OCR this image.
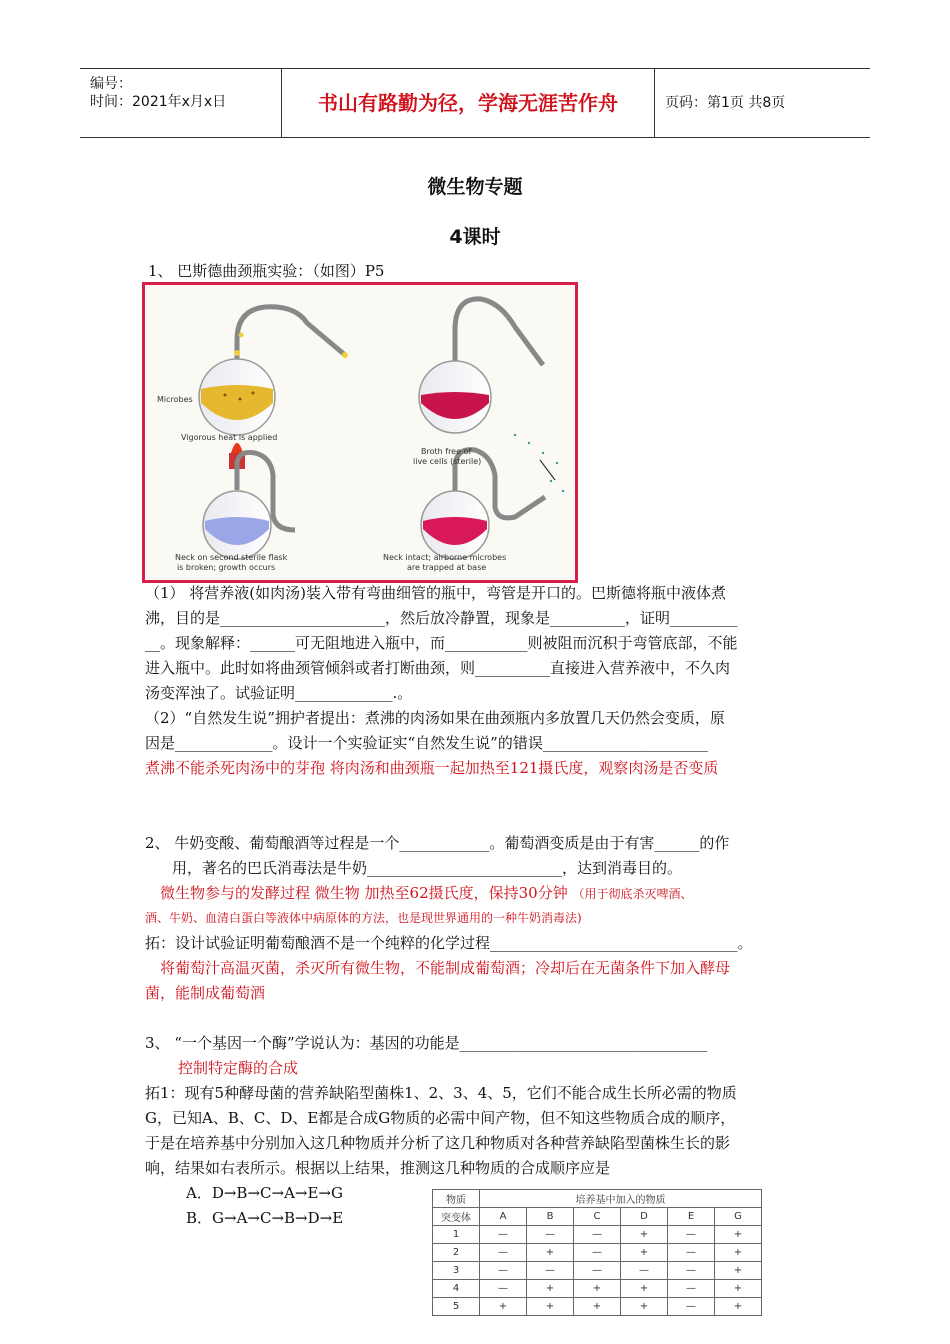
编号：
时间：2021年x月x日	书山有路勤为径，学海无涯苦作舟	页码：第1页 共8页
微生物专题
4课时
1、 巴斯德曲颈瓶实验：（如图）P5
Microbes
Vigorous heat is applied
Broth free of
live cells (sterile)
Neck on second sterile flask
is broken; growth occurs
Neck intact; airborne microbes
are trapped at base
（1） 将营养液(如肉汤)装入带有弯曲细管的瓶中，弯管是开口的。巴斯德将瓶中液体煮
沸，目的是______________________，然后放冷静置，现象是__________，证明_________
__。现象解释：______可无阻地进入瓶中，而___________则被阻而沉积于弯管底部，不能
进入瓶中。此时如将曲颈管倾斜或者打断曲颈，则__________直接进入营养液中，不久肉
汤变浑浊了。试验证明_____________.。
（2）“自然发生说”拥护者提出：煮沸的肉汤如果在曲颈瓶内多放置几天仍然会变质，原
因是_____________。设计一个实验证实“自然发生说”的错误______________________
煮沸不能杀死肉汤中的芽孢 将肉汤和曲颈瓶一起加热至121摄氏度，观察肉汤是否变质
2、 牛奶变酸、葡萄酿酒等过程是一个____________。葡萄酒变质是由于有害______的作
用，著名的巴氏消毒法是牛奶__________________________，达到消毒目的。
微生物参与的发酵过程 微生物 加热至62摄氏度，保持30分钟 （用于彻底杀灭啤酒、
酒、牛奶、血清白蛋白等液体中病原体的方法，也是现世界通用的一种牛奶消毒法)
拓：设计试验证明葡萄酿酒不是一个纯粹的化学过程_________________________________。
将葡萄汁高温灭菌，杀灭所有微生物，不能制成葡萄酒；冷却后在无菌条件下加入酵母
菌，能制成葡萄酒
3、 “一个基因一个酶”学说认为：基因的功能是_________________________________
控制特定酶的合成
拓1：现有5种酵母菌的营养缺陷型菌株1、2、3、4、5，它们不能合成生长所必需的物质
G，已知A、B、C、D、E都是合成G物质的必需中间产物，但不知这些物质合成的顺序，
于是在培养基中分别加入这几种物质并分析了这几种物质对各种营养缺陷型菌株生长的影
响，结果如右表所示。根据以上结果，推测这几种物质的合成顺序应是
A．D→B→C→A→E→G
B．G→A→C→B→D→E
物质	培养基中加入的物质					
突变体	A	B	C	D	E	G
1	—	—	—	+	—	+
2	—	+	—	+	—	+
3	—	—	—	—	—	+
4	—	+	+	+	—	+
5	+	+	+	+	—	+
